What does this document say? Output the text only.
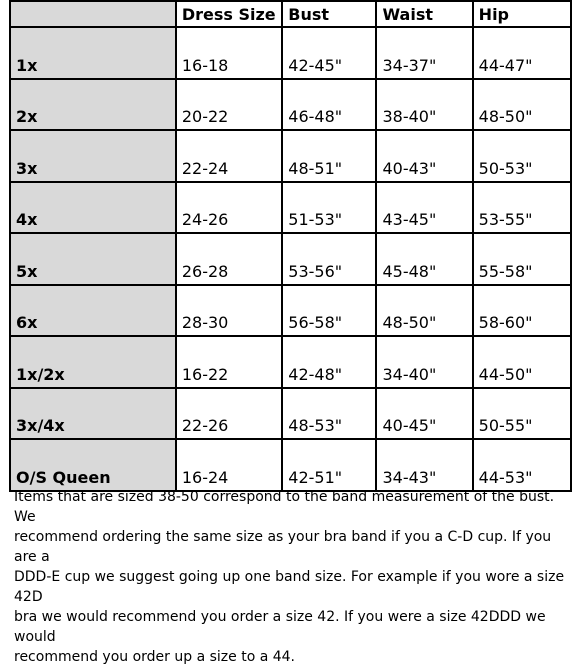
	Dress Size	Bust	Waist	Hip
1x	16-18	42-45"	34-37"	44-47"
2x	20-22	46-48"	38-40"	48-50"
3x	22-24	48-51"	40-43"	50-53"
4x	24-26	51-53"	43-45"	53-55"
5x	26-28	53-56"	45-48"	55-58"
6x	28-30	56-58"	48-50"	58-60"
1x/2x	16-22	42-48"	34-40"	44-50"
3x/4x	22-26	48-53"	40-45"	50-55"
O/S Queen	16-24	42-51"	34-43"	44-53"

Items that are sized 38-50 correspond to the band measurement of the bust. We
recommend ordering the same size as your bra band if you a C-D cup. If you are a
DDD-E cup we suggest going up one band size. For example if you wore a size 42D
bra we would recommend you order a size 42. If you were a size 42DDD we would
recommend you order up a size to a 44.
